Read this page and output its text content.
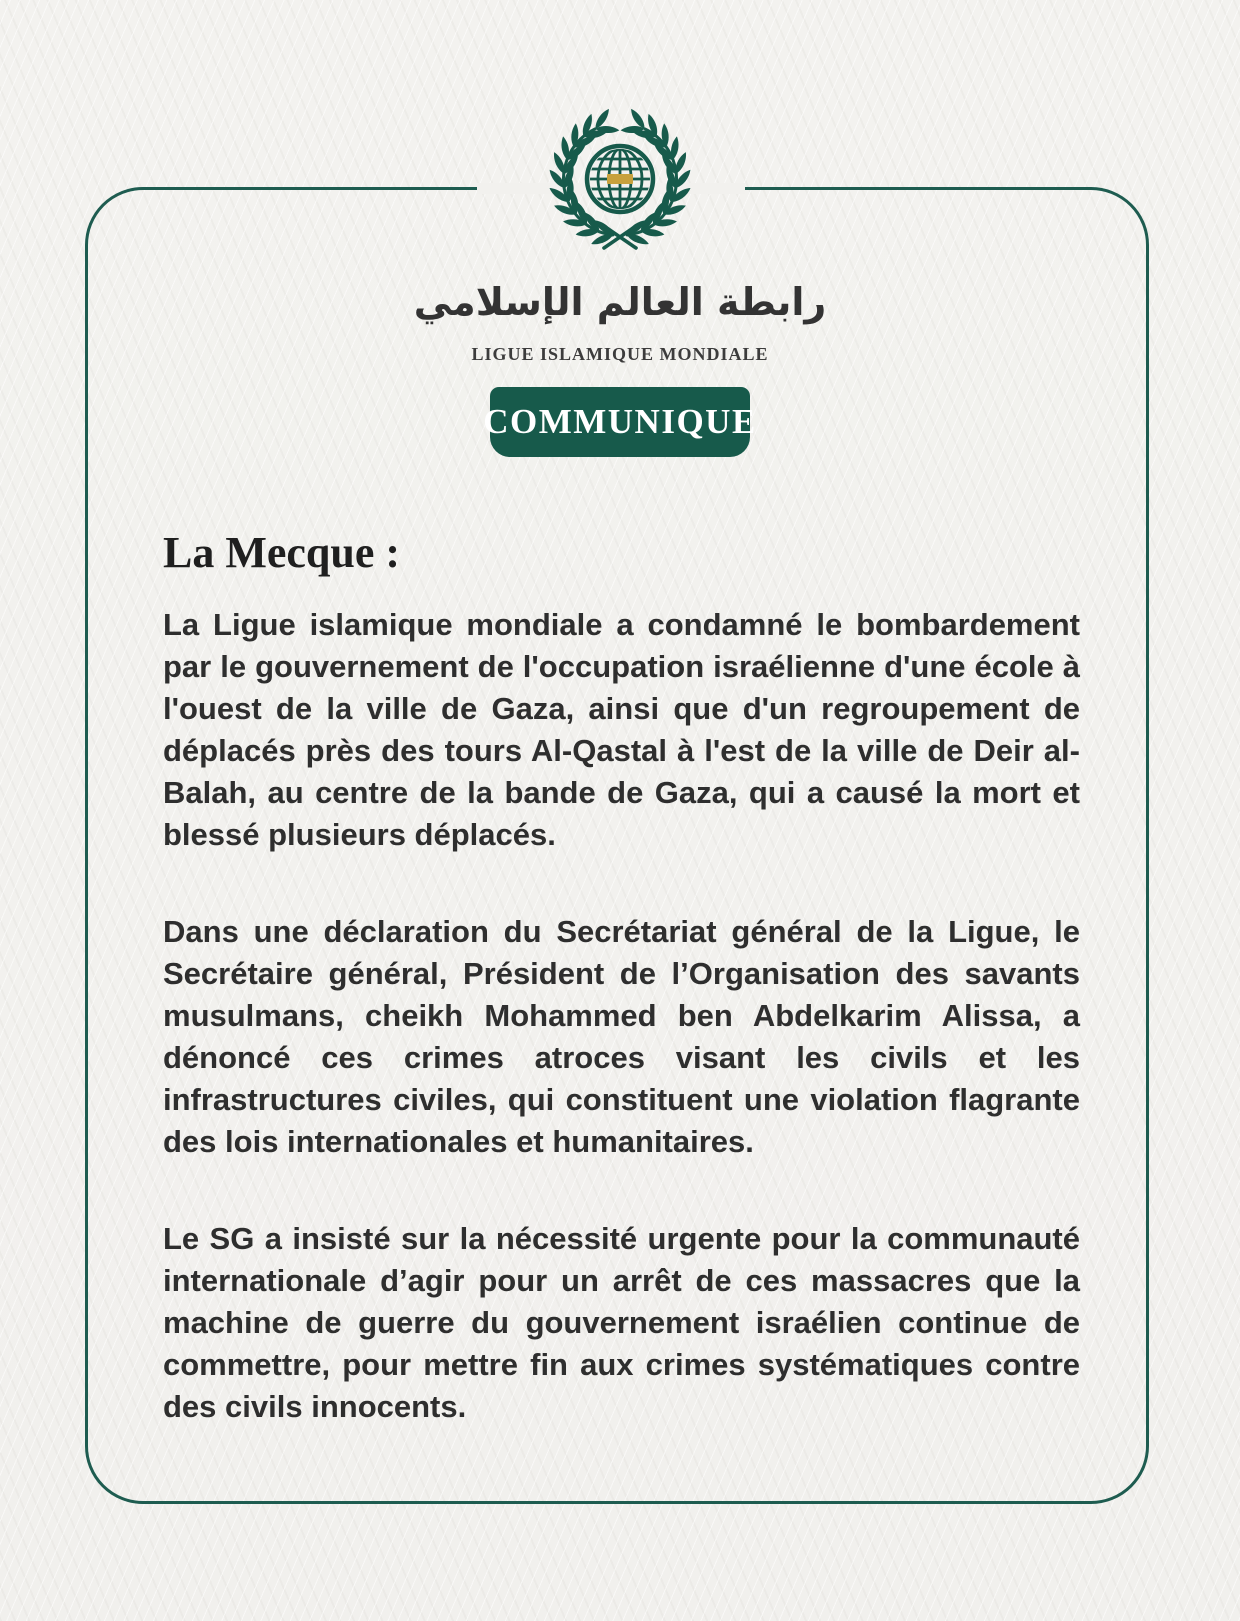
رابطة العالم الإسلامي
LIGUE ISLAMIQUE MONDIALE
COMMUNIQUE
La Mecque :

La Ligue islamique mondiale a condamné le bombardement par le gouvernement de l'occupation israélienne d'une école à l'ouest de la ville de Gaza, ainsi que d'un regroupement de déplacés près des tours Al-Qastal à l'est de la ville de Deir al-Balah, au centre de la bande de Gaza, qui a causé la mort et blessé plusieurs déplacés.

Dans une déclaration du Secrétariat général de la Ligue, le Secrétaire général, Président de l’Organisation des savants musulmans, cheikh Mohammed ben Abdelkarim Alissa, a dénoncé ces crimes atroces visant les civils et les infrastructures civiles, qui constituent une violation flagrante des lois internationales et humanitaires.

Le SG a insisté sur la nécessité urgente pour la communauté internationale d’agir pour un arrêt de ces massacres que la machine de guerre du gouvernement israélien continue de commettre, pour mettre fin aux crimes systématiques contre des civils innocents.
